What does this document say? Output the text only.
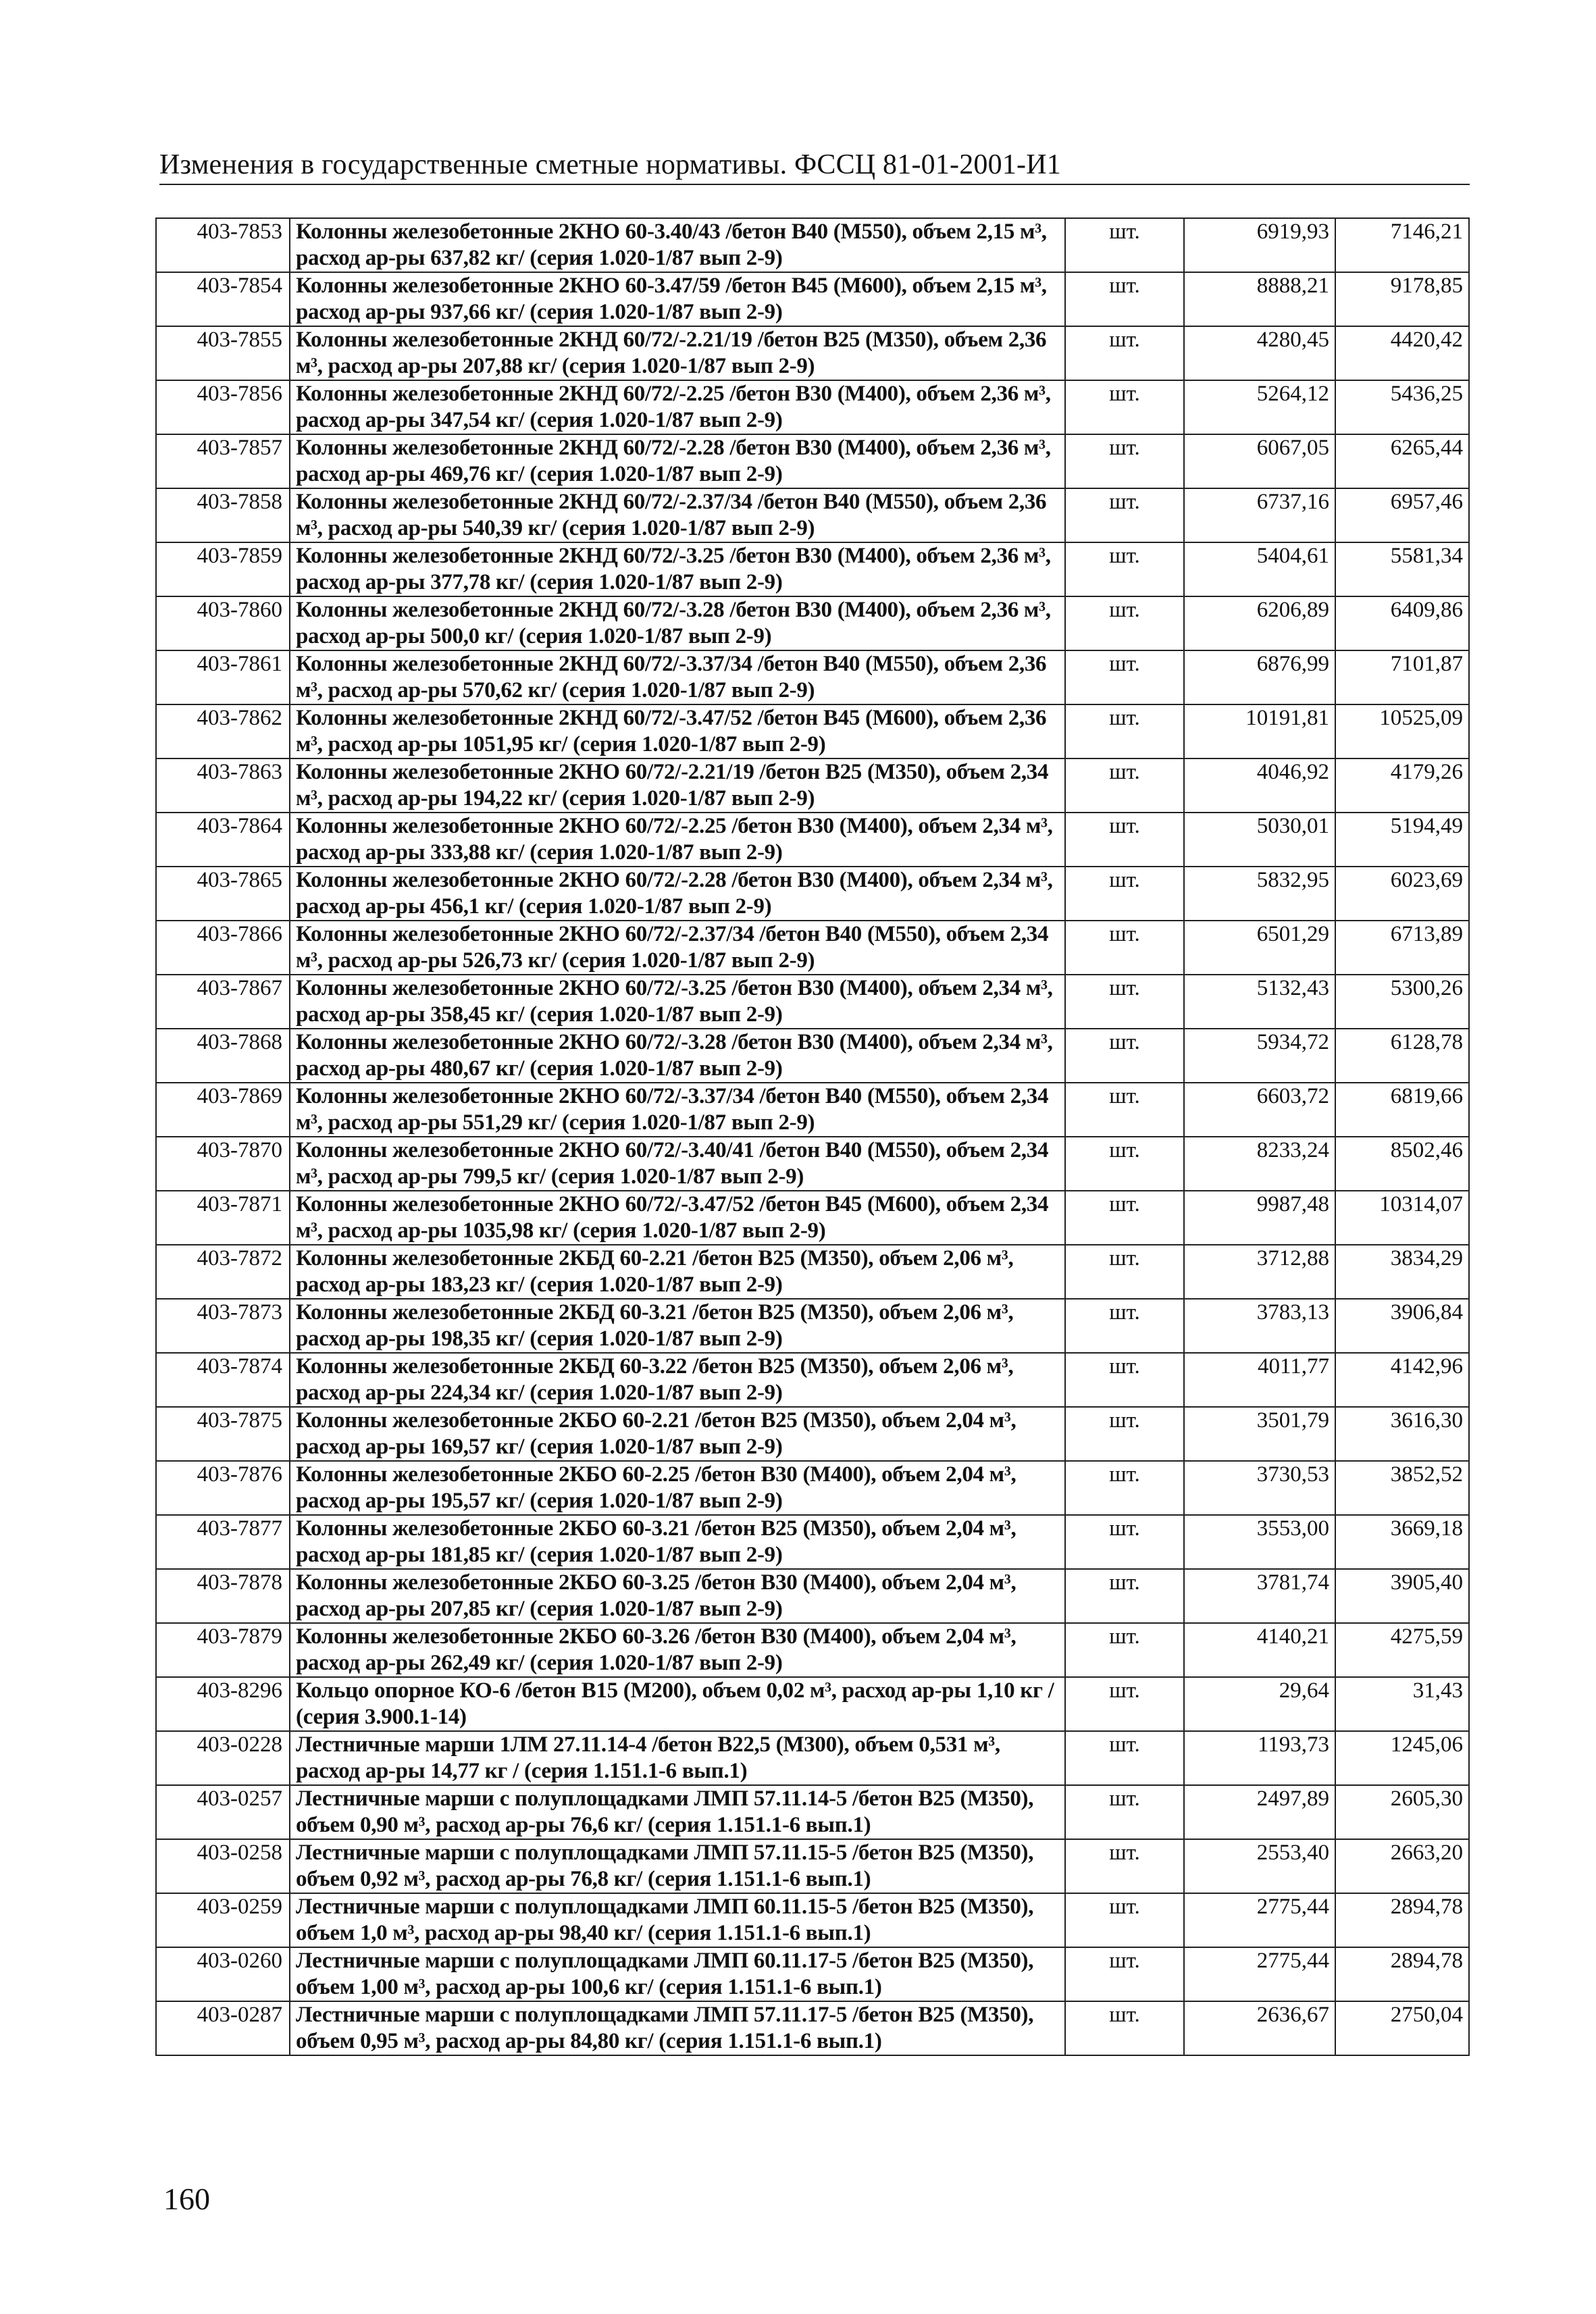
Изменения в государственные сметные нормативы. ФССЦ 81-01-2001-И1
403-7853	Колонны железобетонные 2КНО 60-3.40/43 /бетон В40 (М550), объем 2,15 м³, расход ар-ры 637,82 кг/ (серия 1.020-1/87 вып 2-9)	шт.	6919,93	7146,21
403-7854	Колонны железобетонные 2КНО 60-3.47/59 /бетон В45 (М600), объем 2,15 м³, расход ар-ры 937,66 кг/ (серия 1.020-1/87 вып 2-9)	шт.	8888,21	9178,85
403-7855	Колонны железобетонные 2КНД 60/72/-2.21/19 /бетон В25 (М350), объем 2,36 м³, расход ар-ры 207,88 кг/ (серия 1.020-1/87 вып 2-9)	шт.	4280,45	4420,42
403-7856	Колонны железобетонные 2КНД 60/72/-2.25 /бетон В30 (М400), объем 2,36 м³, расход ар-ры 347,54 кг/ (серия 1.020-1/87 вып 2-9)	шт.	5264,12	5436,25
403-7857	Колонны железобетонные 2КНД 60/72/-2.28 /бетон В30 (М400), объем 2,36 м³, расход ар-ры 469,76 кг/ (серия 1.020-1/87 вып 2-9)	шт.	6067,05	6265,44
403-7858	Колонны железобетонные 2КНД 60/72/-2.37/34 /бетон В40 (М550), объем 2,36 м³, расход ар-ры 540,39 кг/ (серия 1.020-1/87 вып 2-9)	шт.	6737,16	6957,46
403-7859	Колонны железобетонные 2КНД 60/72/-3.25 /бетон В30 (М400), объем 2,36 м³, расход ар-ры 377,78 кг/ (серия 1.020-1/87 вып 2-9)	шт.	5404,61	5581,34
403-7860	Колонны железобетонные 2КНД 60/72/-3.28 /бетон В30 (М400), объем 2,36 м³, расход ар-ры 500,0 кг/ (серия 1.020-1/87 вып 2-9)	шт.	6206,89	6409,86
403-7861	Колонны железобетонные 2КНД 60/72/-3.37/34 /бетон В40 (М550), объем 2,36 м³, расход ар-ры 570,62 кг/ (серия 1.020-1/87 вып 2-9)	шт.	6876,99	7101,87
403-7862	Колонны железобетонные 2КНД 60/72/-3.47/52 /бетон В45 (М600), объем 2,36 м³, расход ар-ры 1051,95 кг/ (серия 1.020-1/87 вып 2-9)	шт.	10191,81	10525,09
403-7863	Колонны железобетонные 2КНО 60/72/-2.21/19 /бетон В25 (М350), объем 2,34 м³, расход ар-ры 194,22 кг/ (серия 1.020-1/87 вып 2-9)	шт.	4046,92	4179,26
403-7864	Колонны железобетонные 2КНО 60/72/-2.25 /бетон В30 (М400), объем 2,34 м³, расход ар-ры 333,88 кг/ (серия 1.020-1/87 вып 2-9)	шт.	5030,01	5194,49
403-7865	Колонны железобетонные 2КНО 60/72/-2.28 /бетон В30 (М400), объем 2,34 м³, расход ар-ры 456,1 кг/ (серия 1.020-1/87 вып 2-9)	шт.	5832,95	6023,69
403-7866	Колонны железобетонные 2КНО 60/72/-2.37/34 /бетон В40 (М550), объем 2,34 м³, расход ар-ры 526,73 кг/ (серия 1.020-1/87 вып 2-9)	шт.	6501,29	6713,89
403-7867	Колонны железобетонные 2КНО 60/72/-3.25 /бетон В30 (М400), объем 2,34 м³, расход ар-ры 358,45 кг/ (серия 1.020-1/87 вып 2-9)	шт.	5132,43	5300,26
403-7868	Колонны железобетонные 2КНО 60/72/-3.28 /бетон В30 (М400), объем 2,34 м³, расход ар-ры 480,67 кг/ (серия 1.020-1/87 вып 2-9)	шт.	5934,72	6128,78
403-7869	Колонны железобетонные 2КНО 60/72/-3.37/34 /бетон В40 (М550), объем 2,34 м³, расход ар-ры 551,29 кг/ (серия 1.020-1/87 вып 2-9)	шт.	6603,72	6819,66
403-7870	Колонны железобетонные 2КНО 60/72/-3.40/41 /бетон В40 (М550), объем 2,34 м³, расход ар-ры 799,5 кг/ (серия 1.020-1/87 вып 2-9)	шт.	8233,24	8502,46
403-7871	Колонны железобетонные 2КНО 60/72/-3.47/52 /бетон В45 (М600), объем 2,34 м³, расход ар-ры 1035,98 кг/ (серия 1.020-1/87 вып 2-9)	шт.	9987,48	10314,07
403-7872	Колонны железобетонные 2КБД 60-2.21 /бетон В25 (М350), объем 2,06 м³, расход ар-ры 183,23 кг/ (серия 1.020-1/87 вып 2-9)	шт.	3712,88	3834,29
403-7873	Колонны железобетонные 2КБД 60-3.21 /бетон В25 (М350), объем 2,06 м³, расход ар-ры 198,35 кг/ (серия 1.020-1/87 вып 2-9)	шт.	3783,13	3906,84
403-7874	Колонны железобетонные 2КБД 60-3.22 /бетон В25 (М350), объем 2,06 м³, расход ар-ры 224,34 кг/ (серия 1.020-1/87 вып 2-9)	шт.	4011,77	4142,96
403-7875	Колонны железобетонные 2КБО 60-2.21 /бетон В25 (М350), объем 2,04 м³, расход ар-ры 169,57 кг/ (серия 1.020-1/87 вып 2-9)	шт.	3501,79	3616,30
403-7876	Колонны железобетонные 2КБО 60-2.25 /бетон В30 (М400), объем 2,04 м³, расход ар-ры 195,57 кг/ (серия 1.020-1/87 вып 2-9)	шт.	3730,53	3852,52
403-7877	Колонны железобетонные 2КБО 60-3.21 /бетон В25 (М350), объем 2,04 м³, расход ар-ры 181,85 кг/ (серия 1.020-1/87 вып 2-9)	шт.	3553,00	3669,18
403-7878	Колонны железобетонные 2КБО 60-3.25 /бетон В30 (М400), объем 2,04 м³, расход ар-ры 207,85 кг/ (серия 1.020-1/87 вып 2-9)	шт.	3781,74	3905,40
403-7879	Колонны железобетонные 2КБО 60-3.26 /бетон В30 (М400), объем 2,04 м³, расход ар-ры 262,49 кг/ (серия 1.020-1/87 вып 2-9)	шт.	4140,21	4275,59
403-8296	Кольцо опорное КО-6 /бетон В15 (М200), объем 0,02 м³, расход ар-ры 1,10 кг / (серия 3.900.1-14)	шт.	29,64	31,43
403-0228	Лестничные марши 1ЛМ 27.11.14-4 /бетон В22,5 (М300), объем 0,531 м³, расход ар-ры 14,77 кг / (серия 1.151.1-6 вып.1)	шт.	1193,73	1245,06
403-0257	Лестничные марши с полуплощадками ЛМП 57.11.14-5 /бетон В25 (М350), объем 0,90 м³, расход ар-ры 76,6 кг/ (серия 1.151.1-6 вып.1)	шт.	2497,89	2605,30
403-0258	Лестничные марши с полуплощадками ЛМП 57.11.15-5 /бетон В25 (М350), объем 0,92 м³, расход ар-ры 76,8 кг/ (серия 1.151.1-6 вып.1)	шт.	2553,40	2663,20
403-0259	Лестничные марши с полуплощадками ЛМП 60.11.15-5 /бетон В25 (М350), объем 1,0 м³, расход ар-ры 98,40 кг/ (серия 1.151.1-6 вып.1)	шт.	2775,44	2894,78
403-0260	Лестничные марши с полуплощадками ЛМП 60.11.17-5 /бетон В25 (М350), объем 1,00 м³, расход ар-ры 100,6 кг/ (серия 1.151.1-6 вып.1)	шт.	2775,44	2894,78
403-0287	Лестничные марши с полуплощадками ЛМП 57.11.17-5 /бетон В25 (М350), объем 0,95 м³, расход ар-ры 84,80 кг/ (серия 1.151.1-6 вып.1)	шт.	2636,67	2750,04
160
